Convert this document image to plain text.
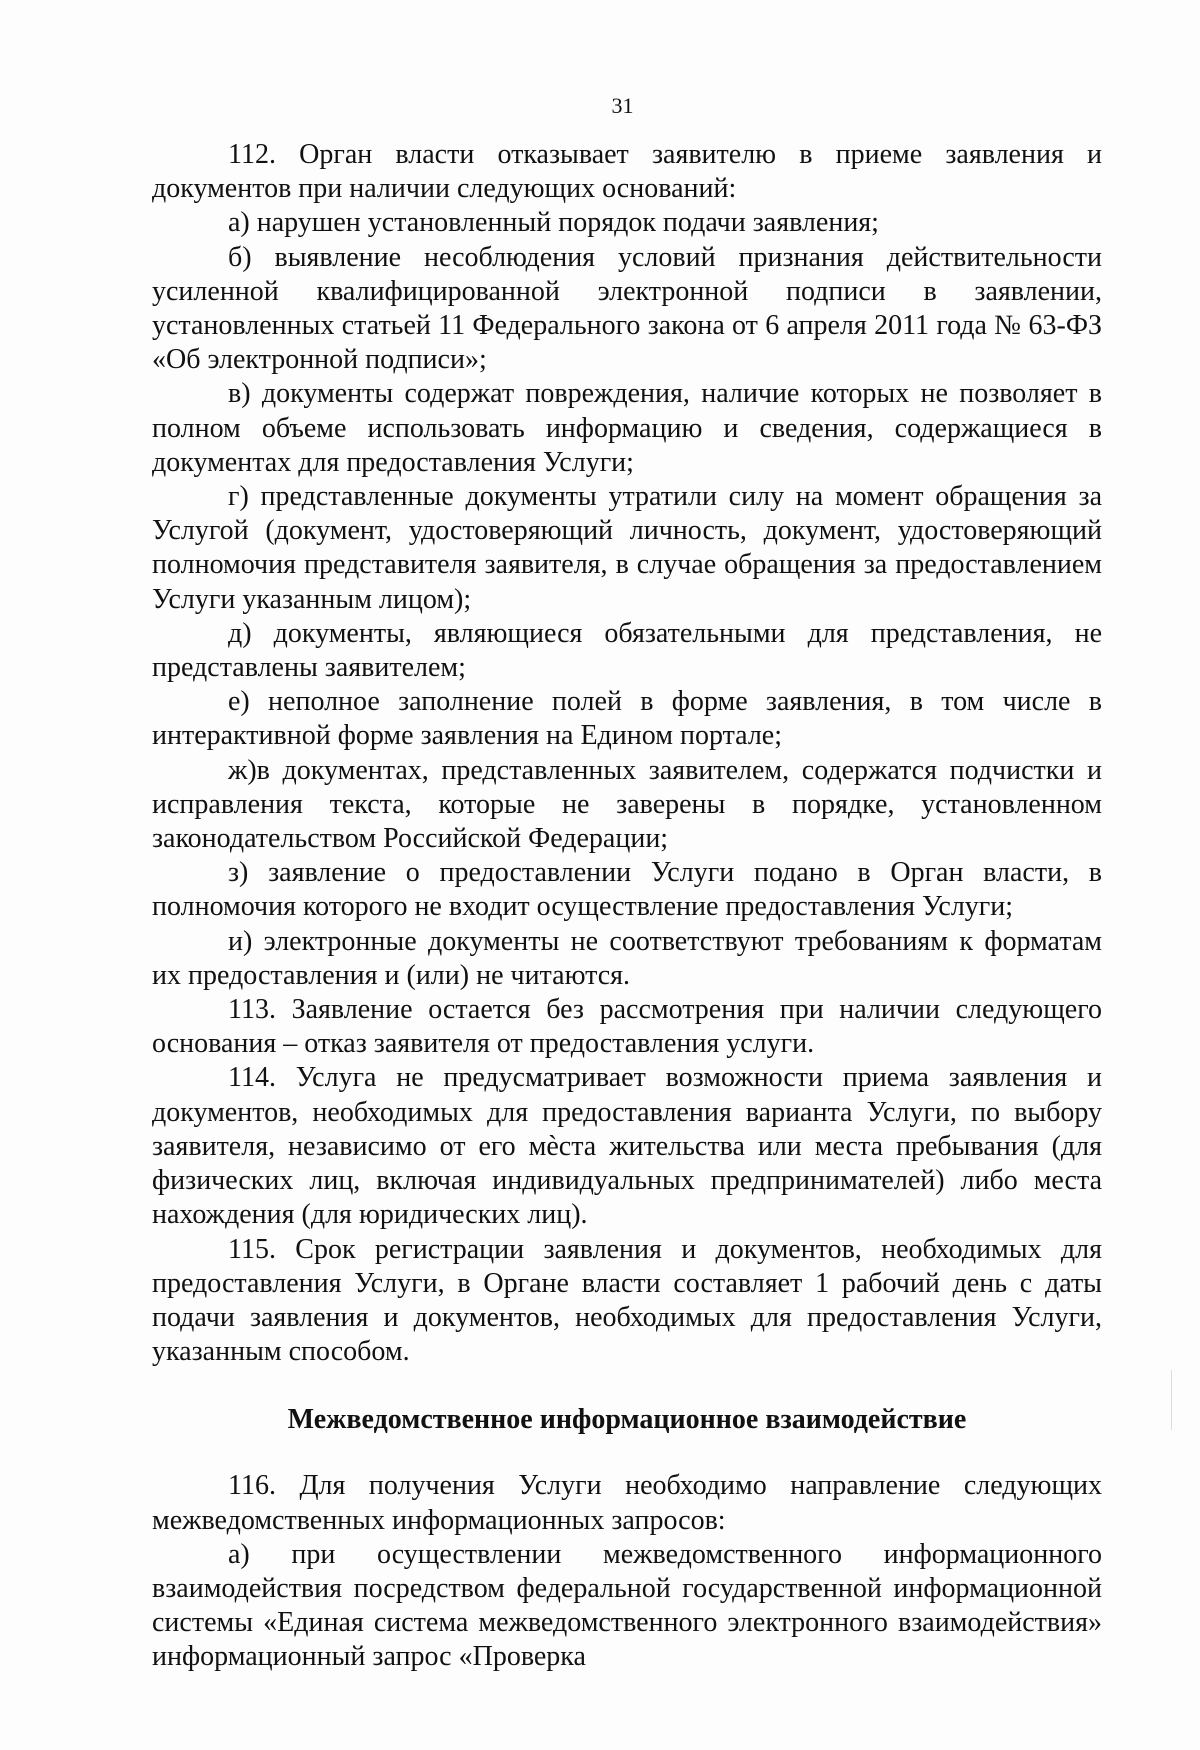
31

112. Орган власти отказывает заявителю в приеме заявления и документов при наличии следующих оснований:

а) нарушен установленный порядок подачи заявления;

б) выявление несоблюдения условий признания действительности усиленной квалифицированной электронной подписи в заявлении, установленных статьей 11 Федерального закона от 6 апреля 2011 года № 63-ФЗ «Об электронной подписи»;

в) документы содержат повреждения, наличие которых не позволяет в полном объеме использовать информацию и сведения, содержащиеся в документах для предоставления Услуги;

г) представленные документы утратили силу на момент обращения за Услугой (документ, удостоверяющий личность, документ, удостоверяющий полномочия представителя заявителя, в случае обращения за предоставлением Услуги указанным лицом);

д) документы, являющиеся обязательными для представления, не представлены заявителем;

е) неполное заполнение полей в форме заявления, в том числе в интерактивной форме заявления на Едином портале;

ж)в документах, представленных заявителем, содержатся подчистки и исправления текста, которые не заверены в порядке, установленном законодательством Российской Федерации;

з) заявление о предоставлении Услуги подано в Орган власти, в полномочия которого не входит осуществление предоставления Услуги;

и) электронные документы не соответствуют требованиям к форматам их предоставления и (или) не читаются.

113. Заявление остается без рассмотрения при наличии следующего основания – отказ заявителя от предоставления услуги.

114. Услуга не предусматривает возможности приема заявления и документов, необходимых для предоставления варианта Услуги, по выбору заявителя, независимо от его мѐста жительства или места пребывания (для физических лиц, включая индивидуальных предпринимателей) либо места нахождения (для юридических лиц).

115. Срок регистрации заявления и документов, необходимых для предоставления Услуги, в Органе власти составляет 1 рабочий день с даты подачи заявления и документов, необходимых для предоставления Услуги, указанным способом.

Межведомственное информационное взаимодействие

116. Для получения Услуги необходимо направление следующих межведомственных информационных запросов:

а) при осуществлении межведомственного информационного взаимодействия посредством федеральной государственной информационной системы «Единая система межведомственного электронного взаимодействия» информационный запрос «Проверка
